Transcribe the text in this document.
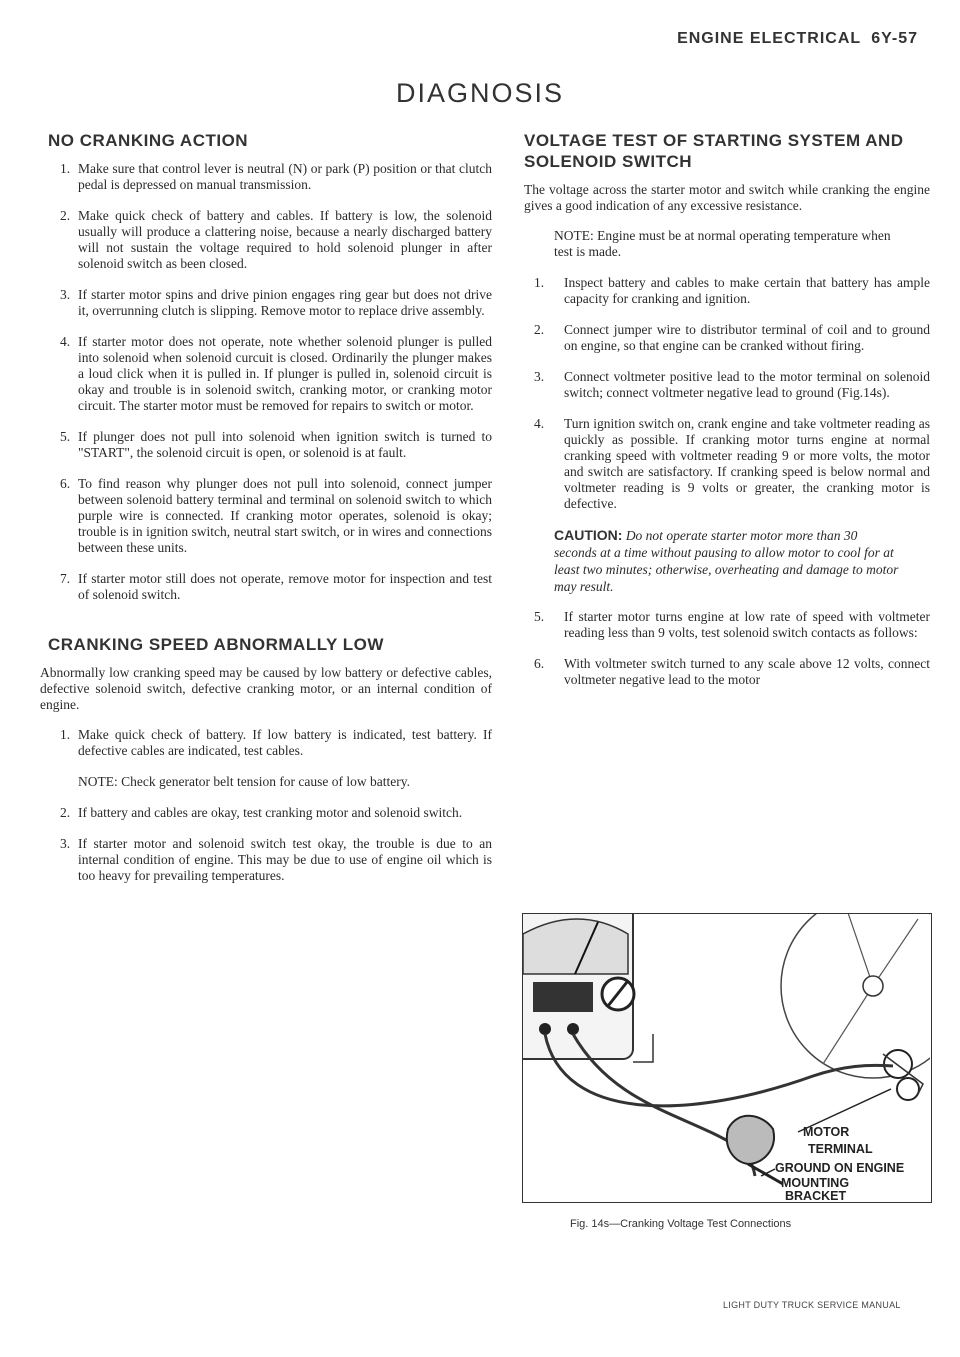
ENGINE ELECTRICAL 6Y-57
DIAGNOSIS
NO CRANKING ACTION
1. Make sure that control lever is neutral (N) or park (P) position or that clutch pedal is depressed on manual transmission.
2. Make quick check of battery and cables. If battery is low, the solenoid usually will produce a clattering noise, because a nearly discharged battery will not sustain the voltage required to hold solenoid plunger in after solenoid switch as been closed.
3. If starter motor spins and drive pinion engages ring gear but does not drive it, overrunning clutch is slipping. Remove motor to replace drive assembly.
4. If starter motor does not operate, note whether solenoid plunger is pulled into solenoid when solenoid curcuit is closed. Ordinarily the plunger makes a loud click when it is pulled in. If plunger is pulled in, solenoid circuit is okay and trouble is in solenoid switch, cranking motor, or cranking motor circuit. The starter motor must be removed for repairs to switch or motor.
5. If plunger does not pull into solenoid when ignition switch is turned to "START", the solenoid circuit is open, or solenoid is at fault.
6. To find reason why plunger does not pull into solenoid, connect jumper between solenoid battery terminal and terminal on solenoid switch to which purple wire is connected. If cranking motor operates, solenoid is okay; trouble is in ignition switch, neutral start switch, or in wires and connections between these units.
7. If starter motor still does not operate, remove motor for inspection and test of solenoid switch.
CRANKING SPEED ABNORMALLY LOW

Abnormally low cranking speed may be caused by low battery or defective cables, defective solenoid switch, defective cranking motor, or an internal condition of engine.

1. Make quick check of battery. If low battery is indicated, test battery. If defective cables are indicated, test cables.
NOTE: Check generator belt tension for cause of low battery.
2. If battery and cables are okay, test cranking motor and solenoid switch.
3. If starter motor and solenoid switch test okay, the trouble is due to an internal condition of engine. This may be due to use of engine oil which is too heavy for prevailing temperatures.
VOLTAGE TEST OF STARTING SYSTEM AND SOLENOID SWITCH

The voltage across the starter motor and switch while cranking the engine gives a good indication of any excessive resistance.

NOTE: Engine must be at normal operating temperature when test is made.
1. Inspect battery and cables to make certain that battery has ample capacity for cranking and ignition.
2. Connect jumper wire to distributor terminal of coil and to ground on engine, so that engine can be cranked without firing.
3. Connect voltmeter positive lead to the motor terminal on solenoid switch; connect voltmeter negative lead to ground (Fig.14s).
4. Turn ignition switch on, crank engine and take voltmeter reading as quickly as possible. If cranking motor turns engine at normal cranking speed with voltmeter reading 9 or more volts, the motor and switch are satisfactory. If cranking speed is below normal and voltmeter reading is 9 volts or greater, the cranking motor is defective.
CAUTION: Do not operate starter motor more than 30 seconds at a time without pausing to allow motor to cool for at least two minutes; otherwise, overheating and damage to motor may result.
5. If starter motor turns engine at low rate of speed with voltmeter reading less than 9 volts, test solenoid switch contacts as follows:
6. With voltmeter switch turned to any scale above 12 volts, connect voltmeter negative lead to the motor
MOTOR
TERMINAL
GROUND ON ENGINE
MOUNTING
BRACKET
Fig. 14s—Cranking Voltage Test Connections
LIGHT DUTY TRUCK SERVICE MANUAL
